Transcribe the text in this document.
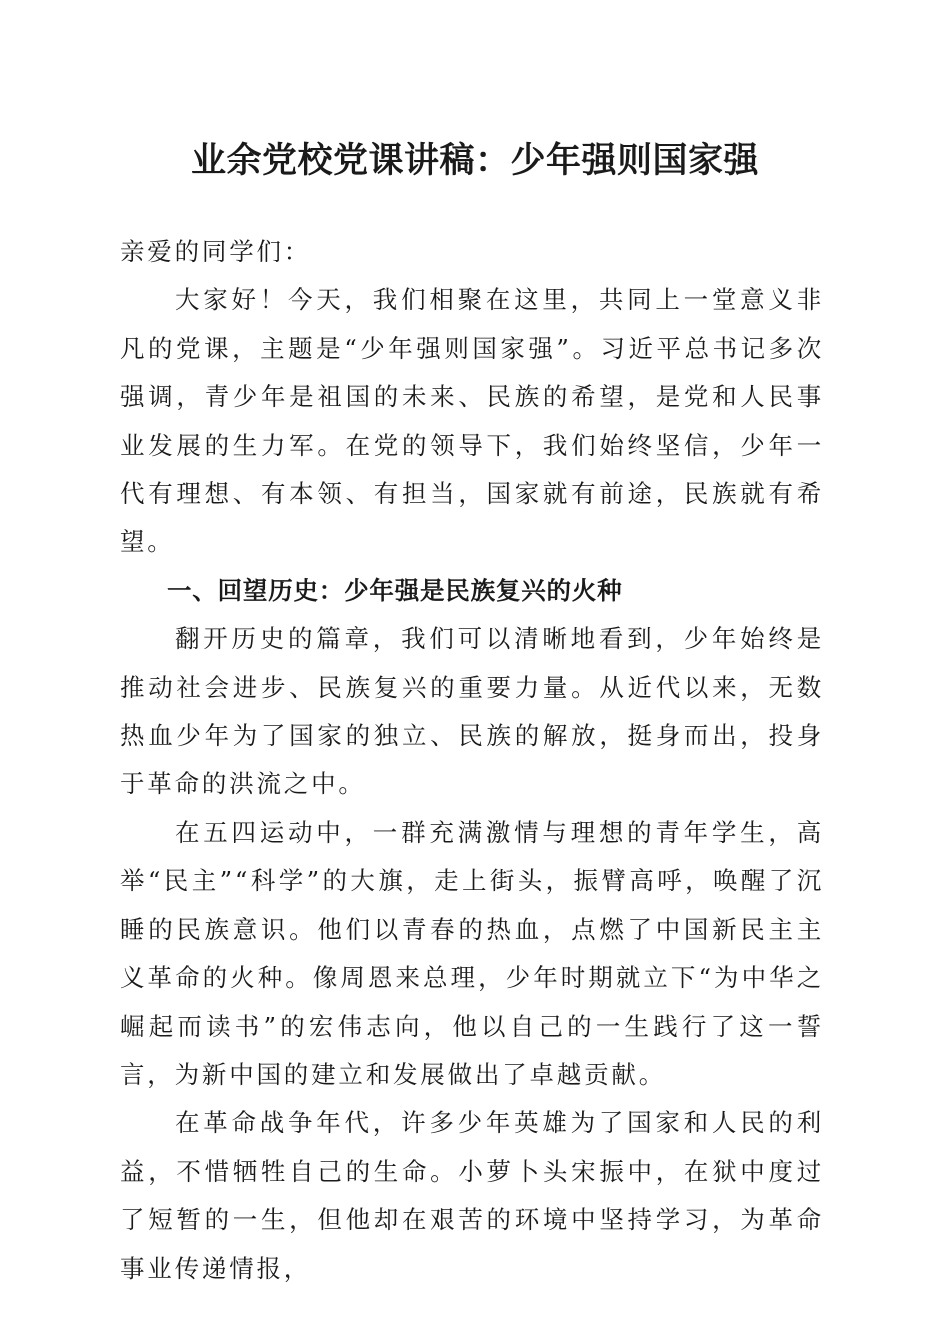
业余党校党课讲稿：少年强则国家强

亲爱的同学们：

大家好！今天，我们相聚在这里，共同上一堂意义非凡的党课，主题是“少年强则国家强”。习近平总书记多次强调，青少年是祖国的未来、民族的希望，是党和人民事业发展的生力军。在党的领导下，我们始终坚信，少年一代有理想、有本领、有担当，国家就有前途，民族就有希望。

一、回望历史：少年强是民族复兴的火种

翻开历史的篇章，我们可以清晰地看到，少年始终是推动社会进步、民族复兴的重要力量。从近代以来，无数热血少年为了国家的独立、民族的解放，挺身而出，投身于革命的洪流之中。

在五四运动中，一群充满激情与理想的青年学生，高举“民主”“科学”的大旗，走上街头，振臂高呼，唤醒了沉睡的民族意识。他们以青春的热血，点燃了中国新民主主义革命的火种。像周恩来总理，少年时期就立下“为中华之崛起而读书”的宏伟志向，他以自己的一生践行了这一誓言，为新中国的建立和发展做出了卓越贡献。

在革命战争年代，许多少年英雄为了国家和人民的利益，不惜牺牲自己的生命。小萝卜头宋振中，在狱中度过了短暂的一生，但他却在艰苦的环境中坚持学习，为革命事业传递情报，
